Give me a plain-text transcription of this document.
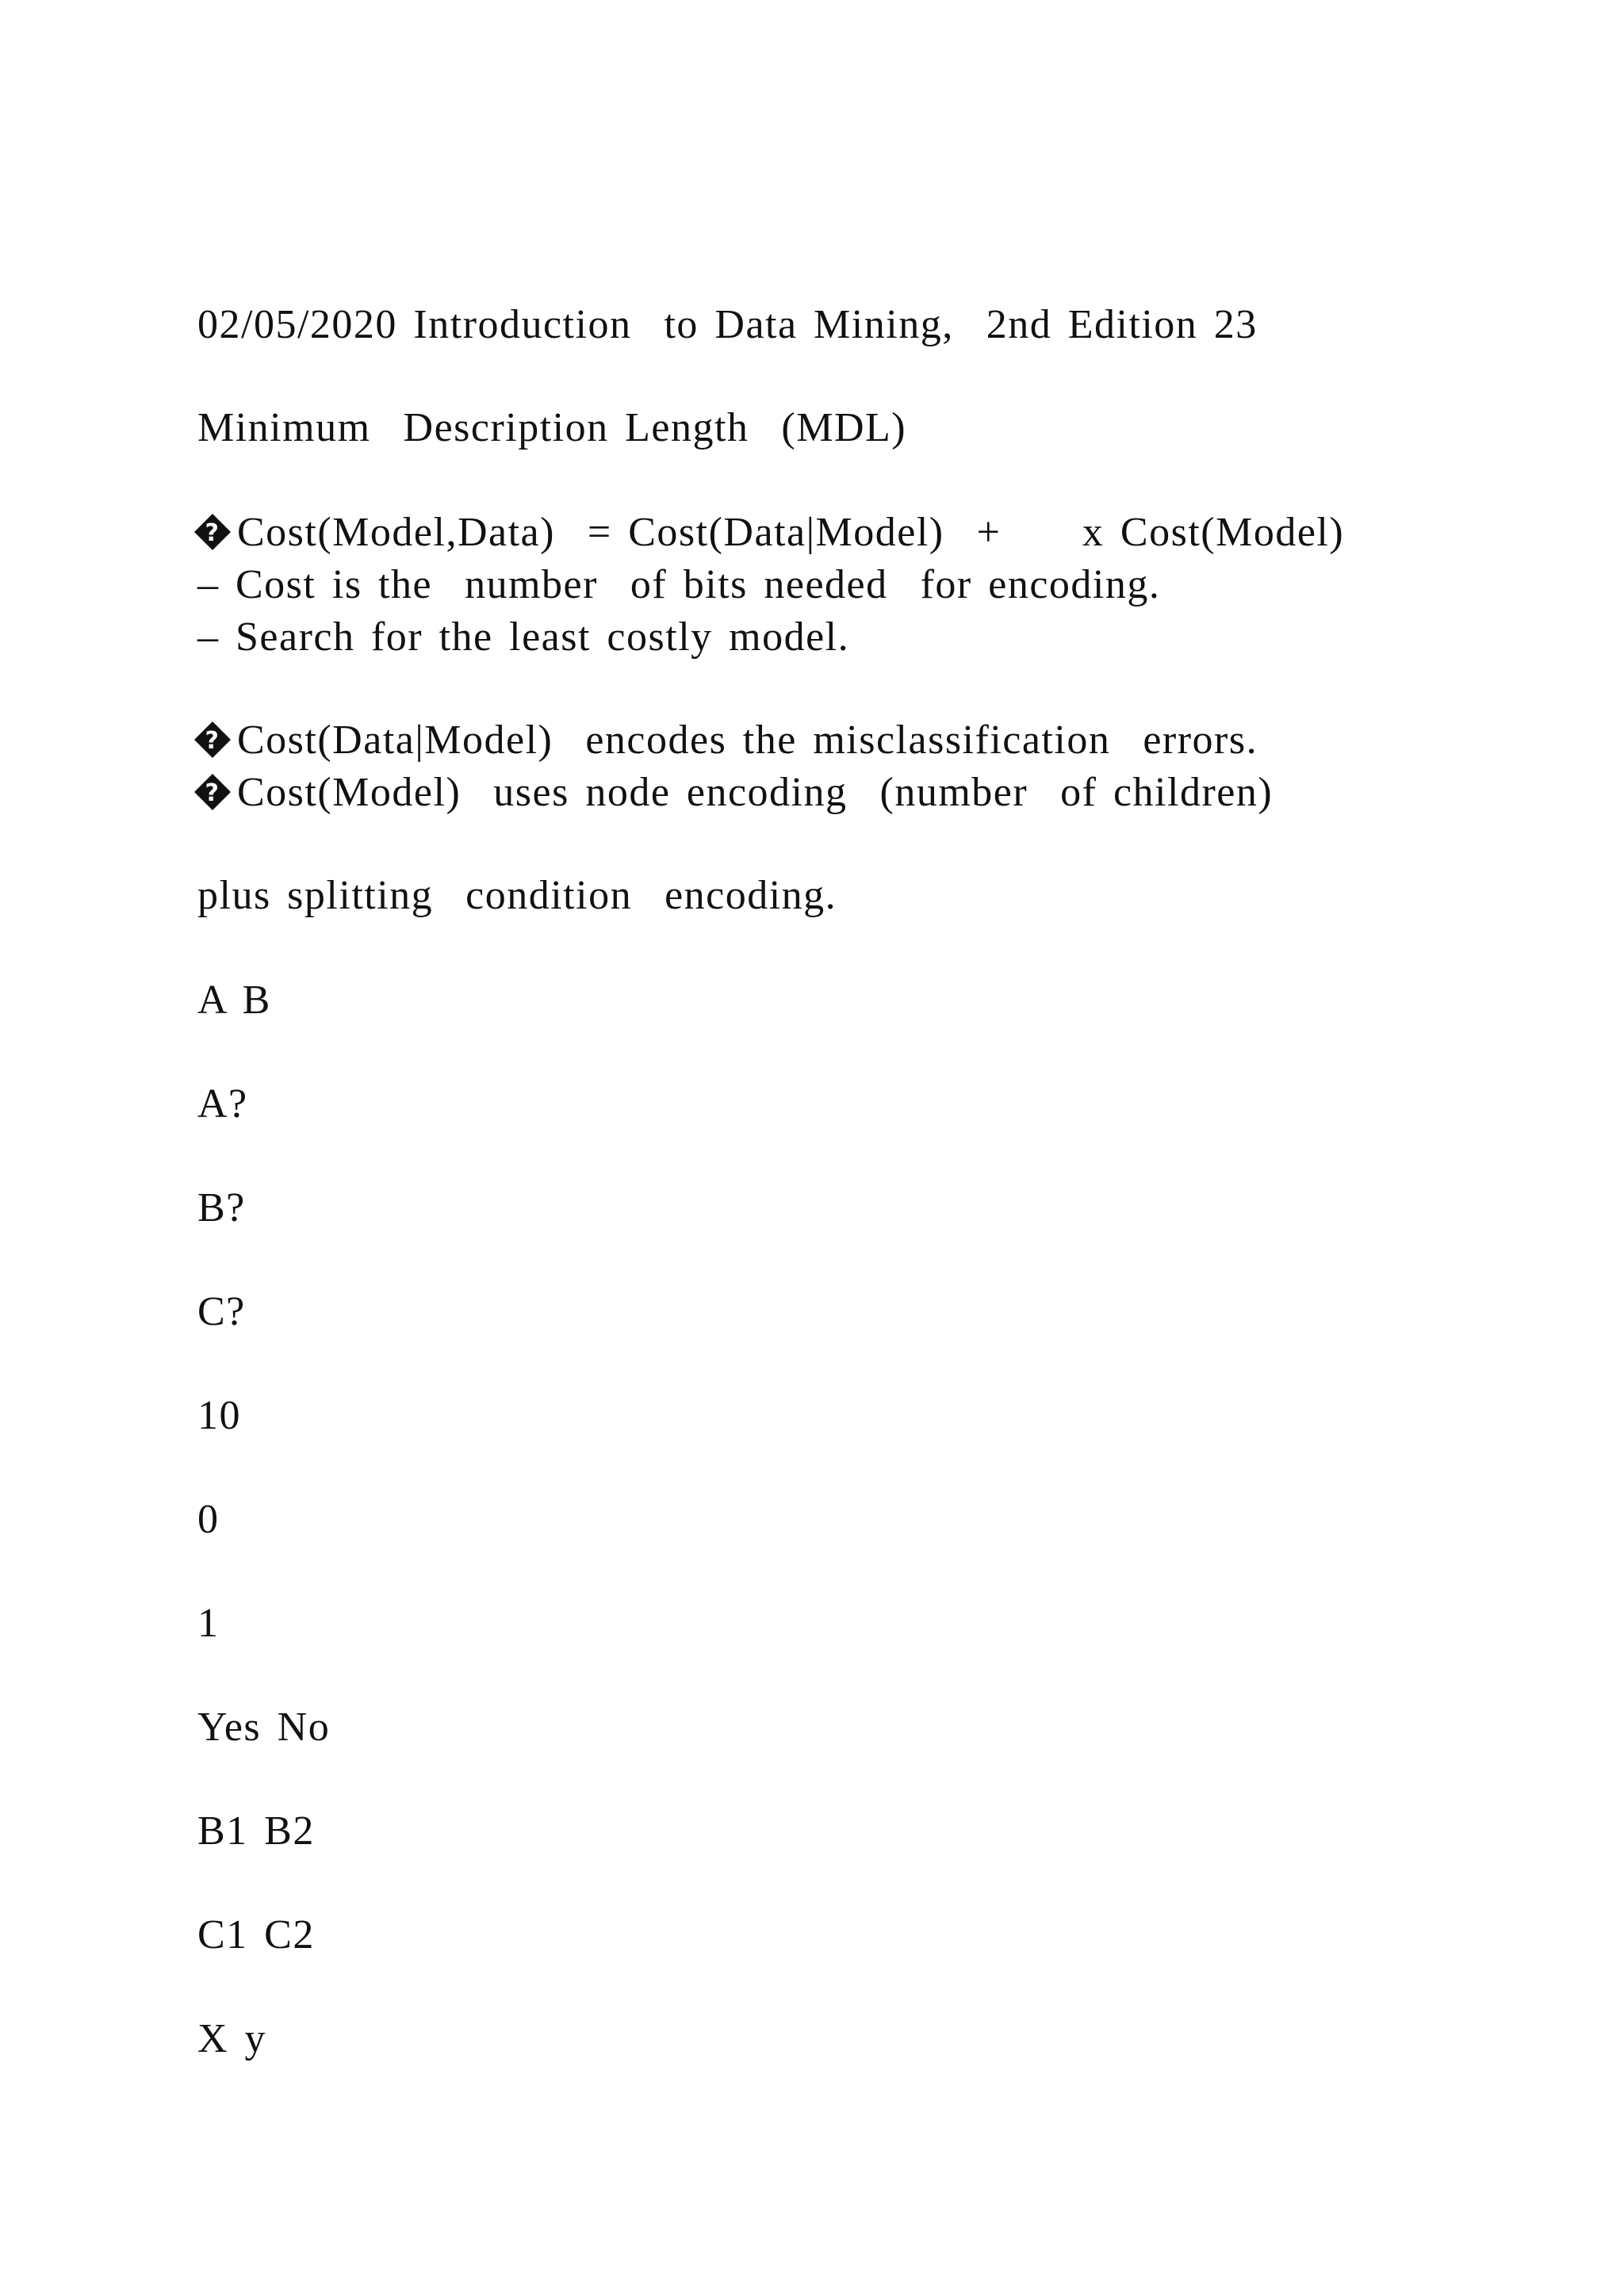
02/05/2020 Introduction  to Data Mining,  2nd Edition 23
Minimum  Description Length  (MDL)
? Cost(Model,Data)  = Cost(Data|Model)  +     x Cost(Model)
– Cost is the  number  of bits needed  for encoding.
– Search for the least costly model.
? Cost(Data|Model)  encodes the misclassification  errors.
? Cost(Model)  uses node encoding  (number  of children)
plus splitting  condition  encoding.
A B
A?
B?
C?
10
0
1
Yes No
B1 B2
C1 C2
X y
